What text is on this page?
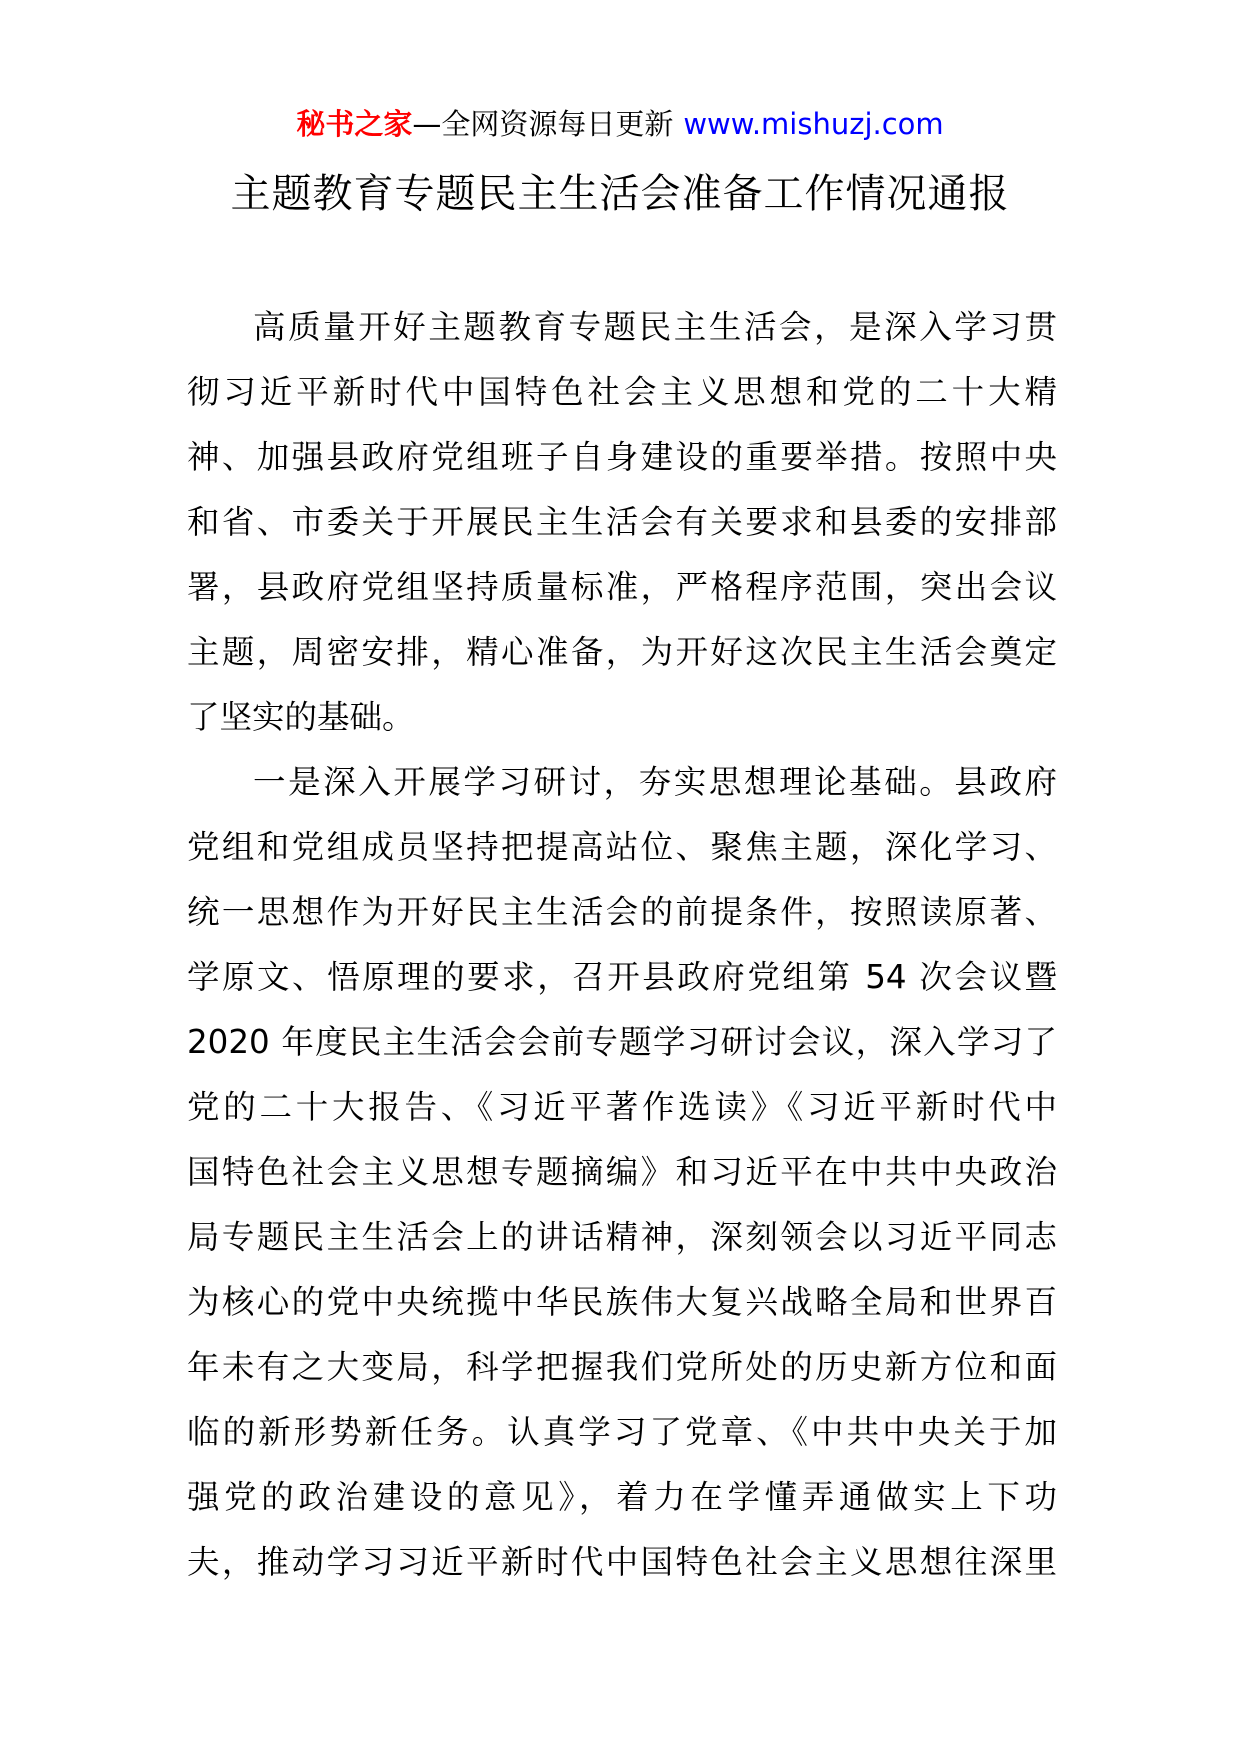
秘书之家—全网资源每日更新 www.mishuzj.com
主题教育专题民主生活会准备工作情况通报
高质量开好主题教育专题民主生活会，是深入学习贯
彻习近平新时代中国特色社会主义思想和党的二十大精
神、加强县政府党组班子自身建设的重要举措。按照中央
和省、市委关于开展民主生活会有关要求和县委的安排部
署，县政府党组坚持质量标准，严格程序范围，突出会议
主题，周密安排，精心准备，为开好这次民主生活会奠定
了坚实的基础。
一是深入开展学习研讨，夯实思想理论基础。县政府
党组和党组成员坚持把提高站位、聚焦主题，深化学习、
统一思想作为开好民主生活会的前提条件，按照读原著、
学原文、悟原理的要求，召开县政府党组第 54 次会议暨
2020 年度民主生活会会前专题学习研讨会议，深入学习了
党的二十大报告、《习近平著作选读》《习近平新时代中
国特色社会主义思想专题摘编》和习近平在中共中央政治
局专题民主生活会上的讲话精神，深刻领会以习近平同志
为核心的党中央统揽中华民族伟大复兴战略全局和世界百
年未有之大变局，科学把握我们党所处的历史新方位和面
临的新形势新任务。认真学习了党章、《中共中央关于加
强党的政治建设的意见》，着力在学懂弄通做实上下功
夫，推动学习习近平新时代中国特色社会主义思想往深里
